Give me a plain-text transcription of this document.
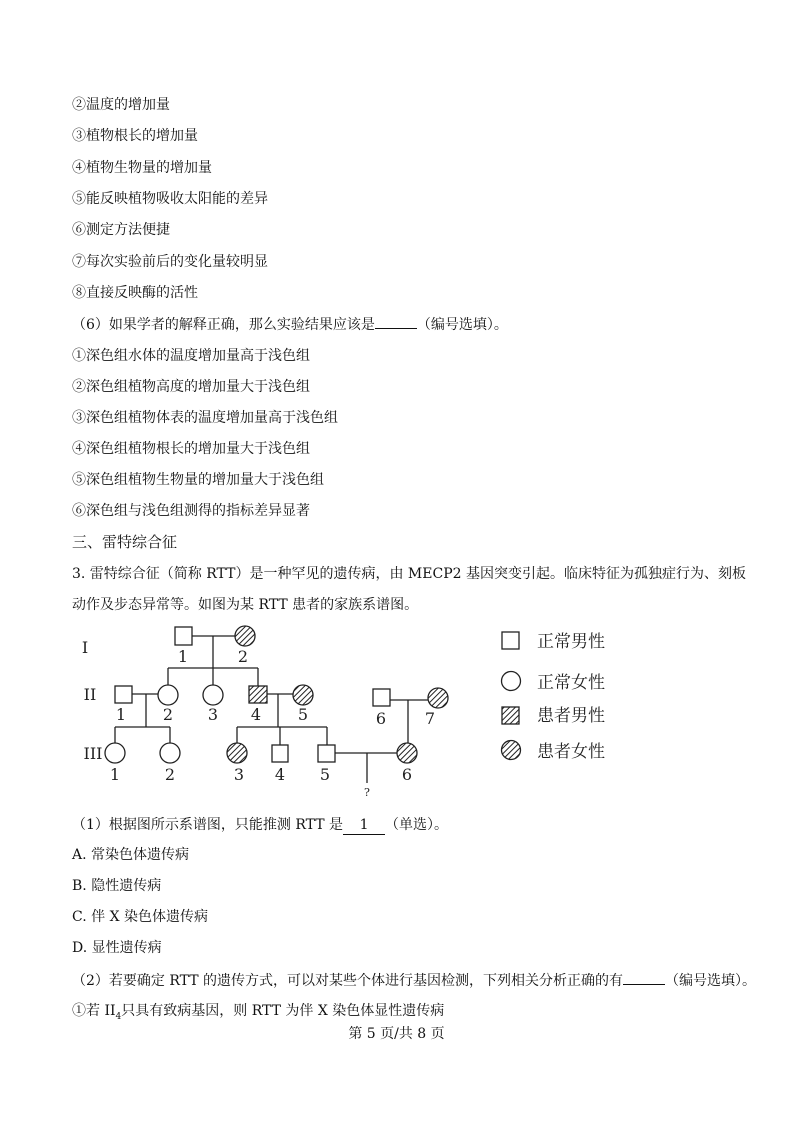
②温度的增加量
③植物根长的增加量
④植物生物量的增加量
⑤能反映植物吸收太阳能的差异
⑥测定方法便捷
⑦每次实验前后的变化量较明显
⑧直接反映酶的活性
（6）如果学者的解释正确，那么实验结果应该是	（编号选填）。
①深色组水体的温度增加量高于浅色组
②深色组植物高度的增加量大于浅色组
③深色组植物体表的温度增加量高于浅色组
④深色组植物根长的增加量大于浅色组
⑤深色组植物生物量的增加量大于浅色组
⑥深色组与浅色组测得的指标差异显著
三、雷特综合征
3. 雷特综合征（简称 RTT）是一种罕见的遗传病，由 MECP2 基因突变引起。临床特征为孤独症行为、刻板
动作及步态异常等。如图为某 RTT 患者的家族系谱图。
I
II
III
1	2
1 2 3 4 5	6 7
1	2	3 4 5	6
?
正常男性
正常女性
患者男性
患者女性
（1）根据图所示系谱图，只能推测 RTT 是 1 （单选）。
A. 常染色体遗传病
B. 隐性遗传病
C. 伴 X 染色体遗传病
D. 显性遗传病
（2）若要确定 RTT 的遗传方式，可以对某些个体进行基因检测，下列相关分析正确的有	（编号选填）。
①若 $II_4$只具有致病基因，则 RTT 为伴 X 染色体显性遗传病
第 5 页/共 8 页
